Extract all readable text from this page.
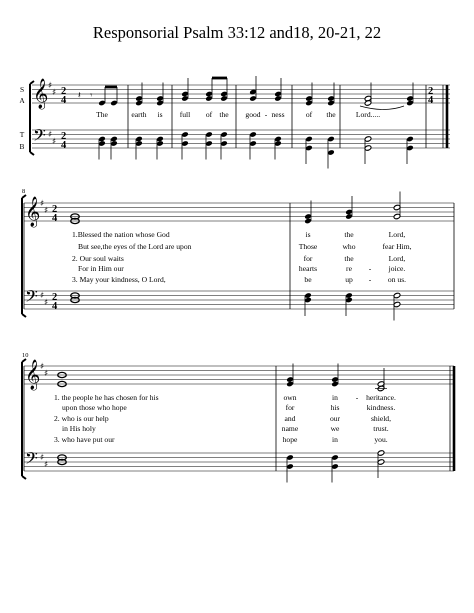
Responsorial Psalm 33:12 and18, 20-21, 22
S
A
T
B
𝄞
𝄢
♯
♯
♯
♯
2
4
2
4
𝄽 𝄾	2
4
The	earth is full of the good - ness	of the	Lord.....
8
𝄞
𝄢
♯
♯
♯
♯
2
4
2
4
1.Blessed the nation whose God
But see,the eyes of the Lord are upon
2. Our soul waits
For in Him our
3. May your kindness, O Lord,
is
Those
for
hearts
be
the
who
the
re
up
-
-
Lord,
fear Him,
Lord,
joice.
on us.
10
𝄞
𝄢
♯
♯
♯
♯
1. the people he has chosen for his
upon those who hope
2. who is our help
in His holy
3. who have put our
own
for
and
name
hope
in
his
our
we
in
- heritance.
kindness.
shield,
trust.
you.
